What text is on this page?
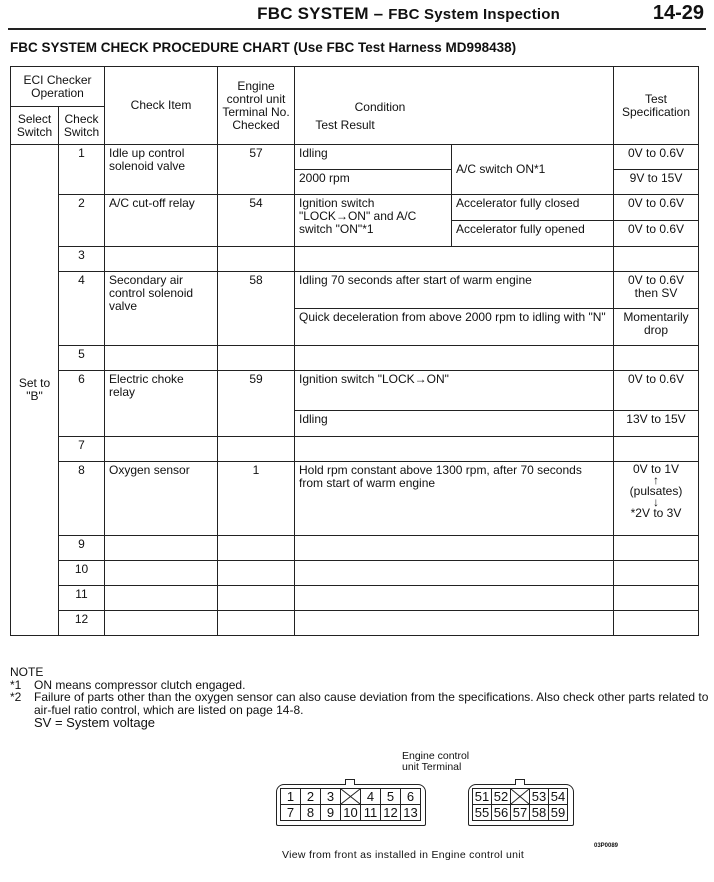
FBC SYSTEM – FBC System Inspection	14-29
FBC SYSTEM CHECK PROCEDURE CHART (Use FBC Test Harness MD998438)
ECI Checker Operation		Check Item	Engine control unit Terminal No. Checked	Condition
Test Result		Test Specification
Select Switch	Check Switch					
Set to "B"	1	Idle up control solenoid valve	57	Idling	A/C switch ON*1	0V to 0.6V
				2000 rpm		9V to 15V
	2	A/C cut-off relay	54	Ignition switch "LOCK→ON" and A/C switch "ON"*1	Accelerator fully closed	0V to 0.6V
					Accelerator fully opened	0V to 0.6V
	3					
	4	Secondary air control solenoid valve	58	Idling 70 seconds after start of warm engine		0V to 0.6V then SV
				Quick deceleration from above 2000 rpm to idling with "N"		Momentarily drop
	5					
	6	Electric choke relay	59	Ignition switch "LOCK→ON"		0V to 0.6V
				Idling		13V to 15V
	7					
	8	Oxygen sensor	1	Hold rpm constant above 1300 rpm, after 70 seconds from start of warm engine		0V to 1V
↑
(pulsates)
↓
*2V to 3V

	9					
	10					
	11					
	12					
NOTE
*1	ON means compressor clutch engaged.
*2	Failure of parts other than the oxygen sensor can also cause deviation from the specifications. Also check other parts related to air-fuel ratio control, which are listed on page 14-8.
SV = System voltage
Engine control
unit Terminal
1 2 3	4 5 6
7 8 9 10 11 12 13
51 52 53 54
55 56 57 58 59
View from front as installed in Engine control unit
03P0089
